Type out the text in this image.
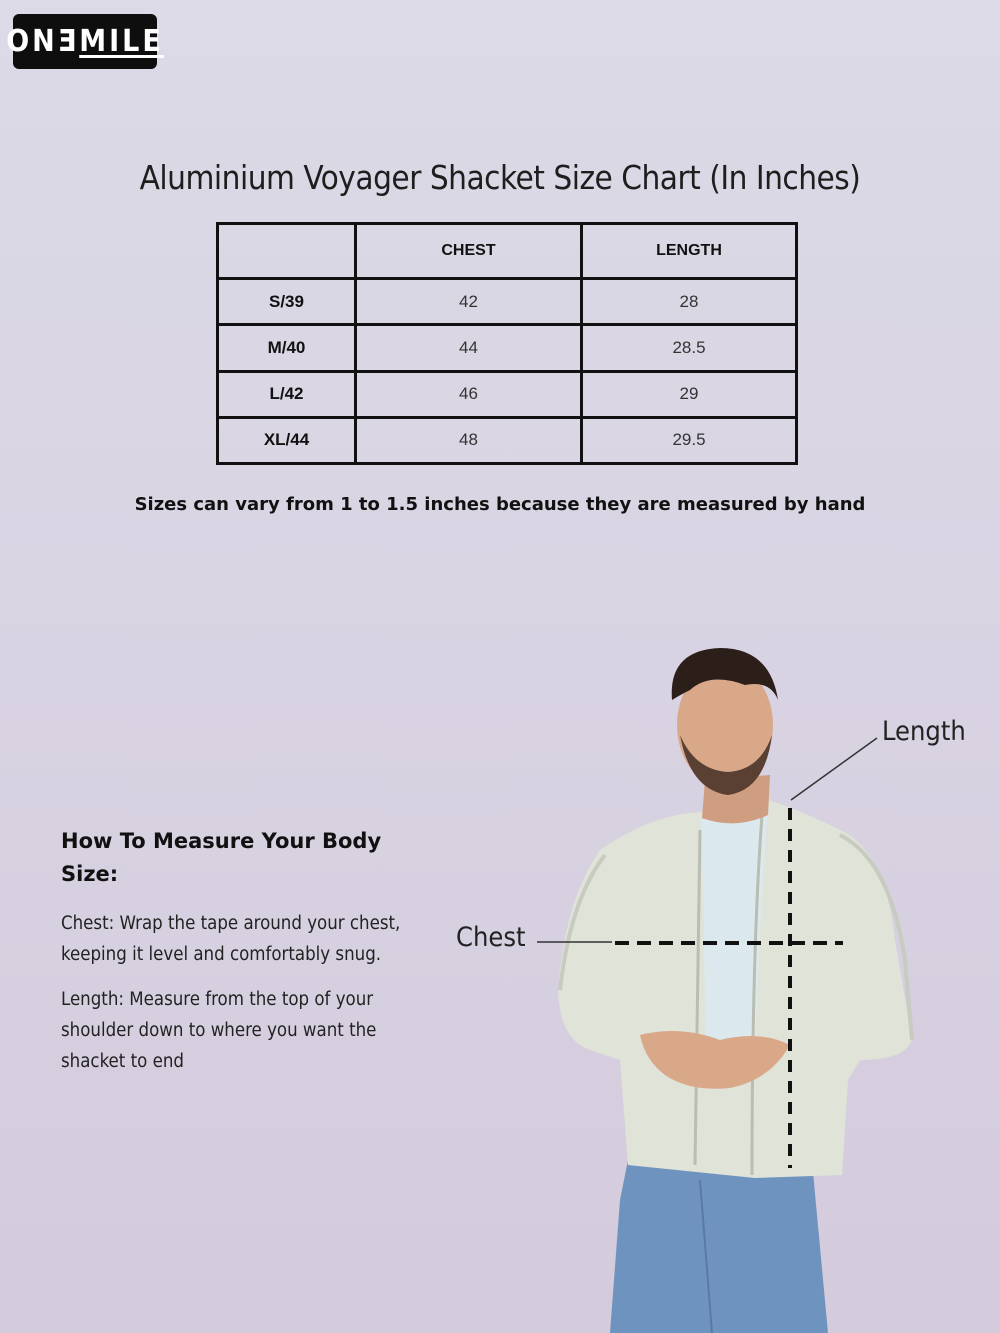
ON Ǝ MILE
Aluminium Voyager Shacket Size Chart (In Inches)
	CHEST	LENGTH
S/39	42	28
M/40	44	28.5
L/42	46	29
XL/44	48	29.5
Sizes can vary from 1 to 1.5 inches because they are measured by hand
Length
Chest
How To Measure Your Body Size:
Chest: Wrap the tape around your chest, keeping it level and comfortably snug.
Length: Measure from the top of your shoulder down to where you want the shacket to end
